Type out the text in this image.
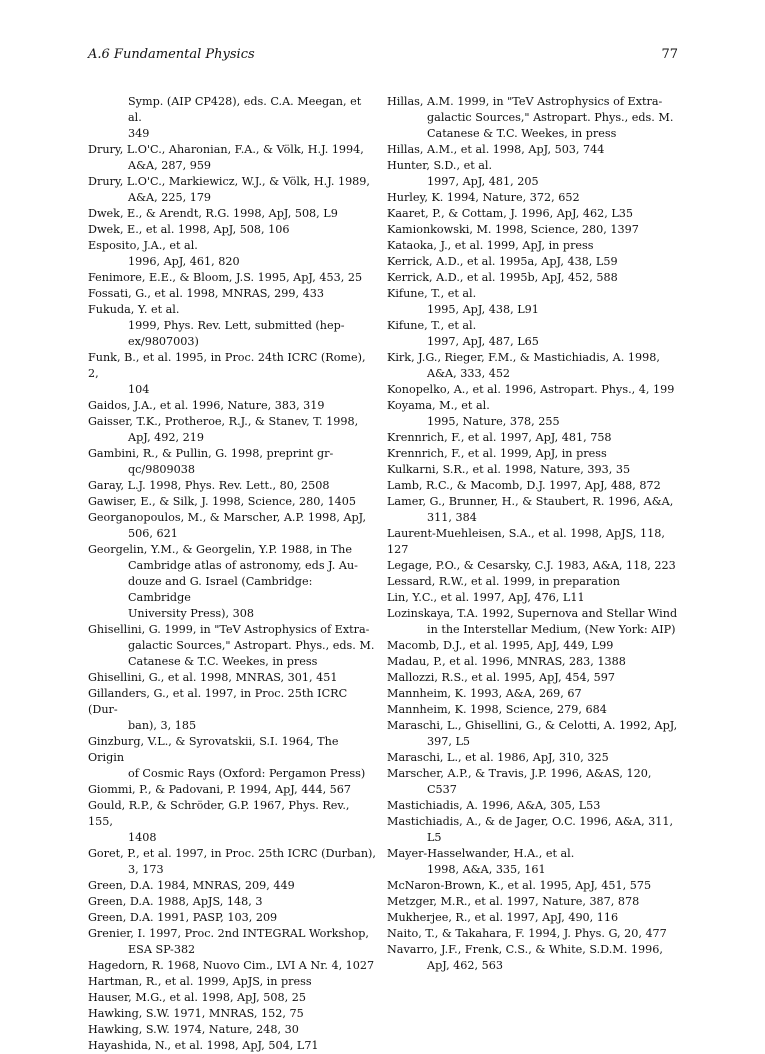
A.6 Fundamental Physics	77
Symp. (AIP CP428), eds. C.A. Meegan, et al.
349
Drury, L.O'C., Aharonian, F.A., & Völk, H.J. 1994,
A&A, 287, 959
Drury, L.O'C., Markiewicz, W.J., & Völk, H.J. 1989,
A&A, 225, 179
Dwek, E., & Arendt, R.G. 1998, ApJ, 508, L9
Dwek, E., et al. 1998, ApJ, 508, 106
Esposito, J.A., et al.
1996, ApJ, 461, 820
Fenimore, E.E., & Bloom, J.S. 1995, ApJ, 453, 25
Fossati, G., et al. 1998, MNRAS, 299, 433
Fukuda, Y. et al.
1999, Phys. Rev. Lett, submitted (hep-
ex/9807003)
Funk, B., et al. 1995, in Proc. 24th ICRC (Rome), 2,
104
Gaidos, J.A., et al. 1996, Nature, 383, 319
Gaisser, T.K., Protheroe, R.J., & Stanev, T. 1998,
ApJ, 492, 219
Gambini, R., & Pullin, G. 1998, preprint gr-
qc/9809038
Garay, L.J. 1998, Phys. Rev. Lett., 80, 2508
Gawiser, E., & Silk, J. 1998, Science, 280, 1405
Georganopoulos, M., & Marscher, A.P. 1998, ApJ,
506, 621
Georgelin, Y.M., & Georgelin, Y.P. 1988, in The
Cambridge atlas of astronomy, eds J. Au-
douze and G. Israel (Cambridge: Cambridge
University Press), 308
Ghisellini, G. 1999, in "TeV Astrophysics of Extra-
galactic Sources," Astropart. Phys., eds. M.
Catanese & T.C. Weekes, in press
Ghisellini, G., et al. 1998, MNRAS, 301, 451
Gillanders, G., et al. 1997, in Proc. 25th ICRC (Dur-
ban), 3, 185
Ginzburg, V.L., & Syrovatskii, S.I. 1964, The Origin
of Cosmic Rays (Oxford: Pergamon Press)
Giommi, P., & Padovani, P. 1994, ApJ, 444, 567
Gould, R.P., & Schröder, G.P. 1967, Phys. Rev., 155,
1408
Goret, P., et al. 1997, in Proc. 25th ICRC (Durban),
3, 173
Green, D.A. 1984, MNRAS, 209, 449
Green, D.A. 1988, ApJS, 148, 3
Green, D.A. 1991, PASP, 103, 209
Grenier, I. 1997, Proc. 2nd INTEGRAL Workshop,
ESA SP-382
Hagedorn, R. 1968, Nuovo Cim., LVI A Nr. 4, 1027
Hartman, R., et al. 1999, ApJS, in press
Hauser, M.G., et al. 1998, ApJ, 508, 25
Hawking, S.W. 1971, MNRAS, 152, 75
Hawking, S.W. 1974, Nature, 248, 30
Hayashida, N., et al. 1998, ApJ, 504, L71
Hillas, A.M. 1999, in "TeV Astrophysics of Extra-
galactic Sources," Astropart. Phys., eds. M.
Catanese & T.C. Weekes, in press
Hillas, A.M., et al. 1998, ApJ, 503, 744
Hunter, S.D., et al.
1997, ApJ, 481, 205
Hurley, K. 1994, Nature, 372, 652
Kaaret, P., & Cottam, J. 1996, ApJ, 462, L35
Kamionkowski, M. 1998, Science, 280, 1397
Kataoka, J., et al. 1999, ApJ, in press
Kerrick, A.D., et al. 1995a, ApJ, 438, L59
Kerrick, A.D., et al. 1995b, ApJ, 452, 588
Kifune, T., et al.
1995, ApJ, 438, L91
Kifune, T., et al.
1997, ApJ, 487, L65
Kirk, J.G., Rieger, F.M., & Mastichiadis, A. 1998,
A&A, 333, 452
Konopelko, A., et al. 1996, Astropart. Phys., 4, 199
Koyama, M., et al.
1995, Nature, 378, 255
Krennrich, F., et al. 1997, ApJ, 481, 758
Krennrich, F., et al. 1999, ApJ, in press
Kulkarni, S.R., et al. 1998, Nature, 393, 35
Lamb, R.C., & Macomb, D.J. 1997, ApJ, 488, 872
Lamer, G., Brunner, H., & Staubert, R. 1996, A&A,
311, 384
Laurent-Muehleisen, S.A., et al. 1998, ApJS, 118, 127
Legage, P.O., & Cesarsky, C.J. 1983, A&A, 118, 223
Lessard, R.W., et al. 1999, in preparation
Lin, Y.C., et al. 1997, ApJ, 476, L11
Lozinskaya, T.A. 1992, Supernova and Stellar Wind
in the Interstellar Medium, (New York: AIP)
Macomb, D.J., et al. 1995, ApJ, 449, L99
Madau, P., et al. 1996, MNRAS, 283, 1388
Mallozzi, R.S., et al. 1995, ApJ, 454, 597
Mannheim, K. 1993, A&A, 269, 67
Mannheim, K. 1998, Science, 279, 684
Maraschi, L., Ghisellini, G., & Celotti, A. 1992, ApJ,
397, L5
Maraschi, L., et al. 1986, ApJ, 310, 325
Marscher, A.P., & Travis, J.P. 1996, A&AS, 120,
C537
Mastichiadis, A. 1996, A&A, 305, L53
Mastichiadis, A., & de Jager, O.C. 1996, A&A, 311,
L5
Mayer-Hasselwander, H.A., et al.
1998, A&A, 335, 161
McNaron-Brown, K., et al. 1995, ApJ, 451, 575
Metzger, M.R., et al. 1997, Nature, 387, 878
Mukherjee, R., et al. 1997, ApJ, 490, 116
Naito, T., & Takahara, F. 1994, J. Phys. G, 20, 477
Navarro, J.F., Frenk, C.S., & White, S.D.M. 1996,
ApJ, 462, 563
